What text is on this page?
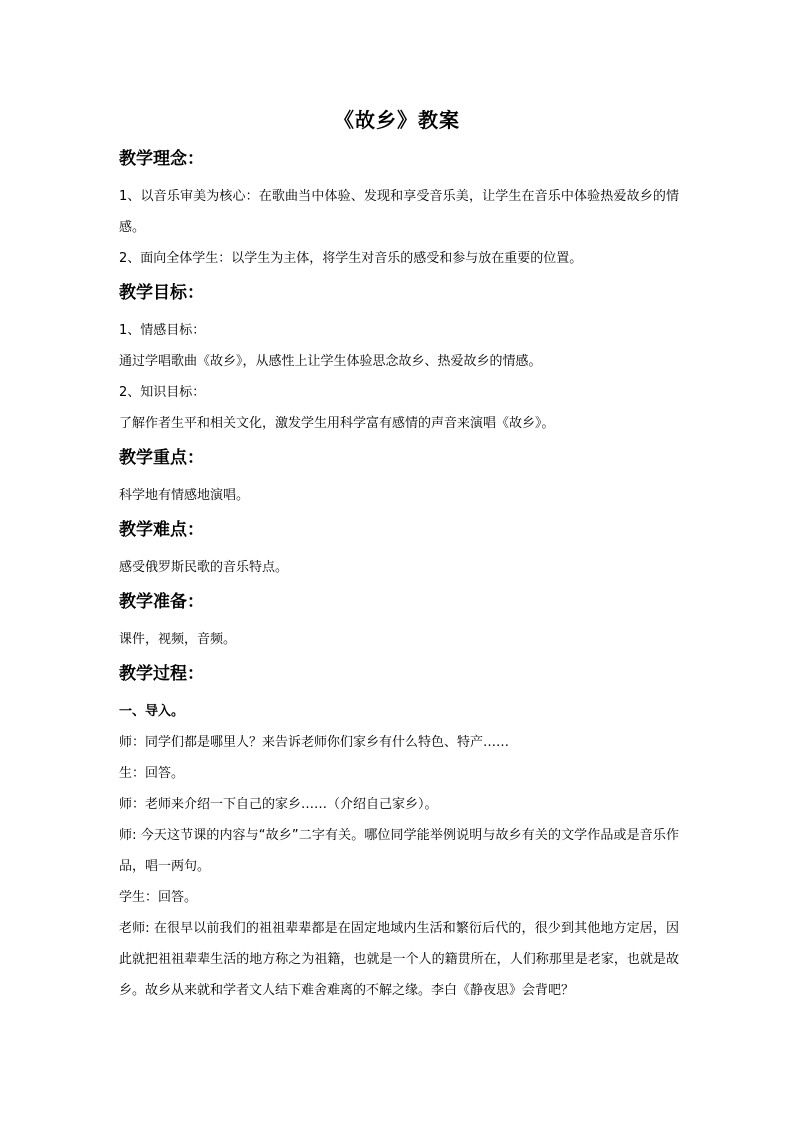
《故乡》教案
教学理念：
1、以音乐审美为核心：在歌曲当中体验、发现和享受音乐美，让学生在音乐中体验热爱故乡的情感。
2、面向全体学生：以学生为主体，将学生对音乐的感受和参与放在重要的位置。
教学目标：
1、情感目标：
通过学唱歌曲《故乡》，从感性上让学生体验思念故乡、热爱故乡的情感。
2、知识目标：
了解作者生平和相关文化，激发学生用科学富有感情的声音来演唱《故乡》。
教学重点：
科学地有情感地演唱。
教学难点：
感受俄罗斯民歌的音乐特点。
教学准备：
课件，视频，音频。
教学过程：
一、导入。
师：同学们都是哪里人？来告诉老师你们家乡有什么特色、特产……
生：回答。
师：老师来介绍一下自己的家乡……（介绍自己家乡）。
师: 今天这节课的内容与“故乡”二字有关。哪位同学能举例说明与故乡有关的文学作品或是音乐作品，唱一两句。
学生：回答。
老师: 在很早以前我们的祖祖辈辈都是在固定地域内生活和繁衍后代的，很少到其他地方定居，因此就把祖祖辈辈生活的地方称之为祖籍，也就是一个人的籍贯所在，人们称那里是老家，也就是故乡。故乡从来就和学者文人结下难舍难离的不解之缘。李白《静夜思》会背吧？
